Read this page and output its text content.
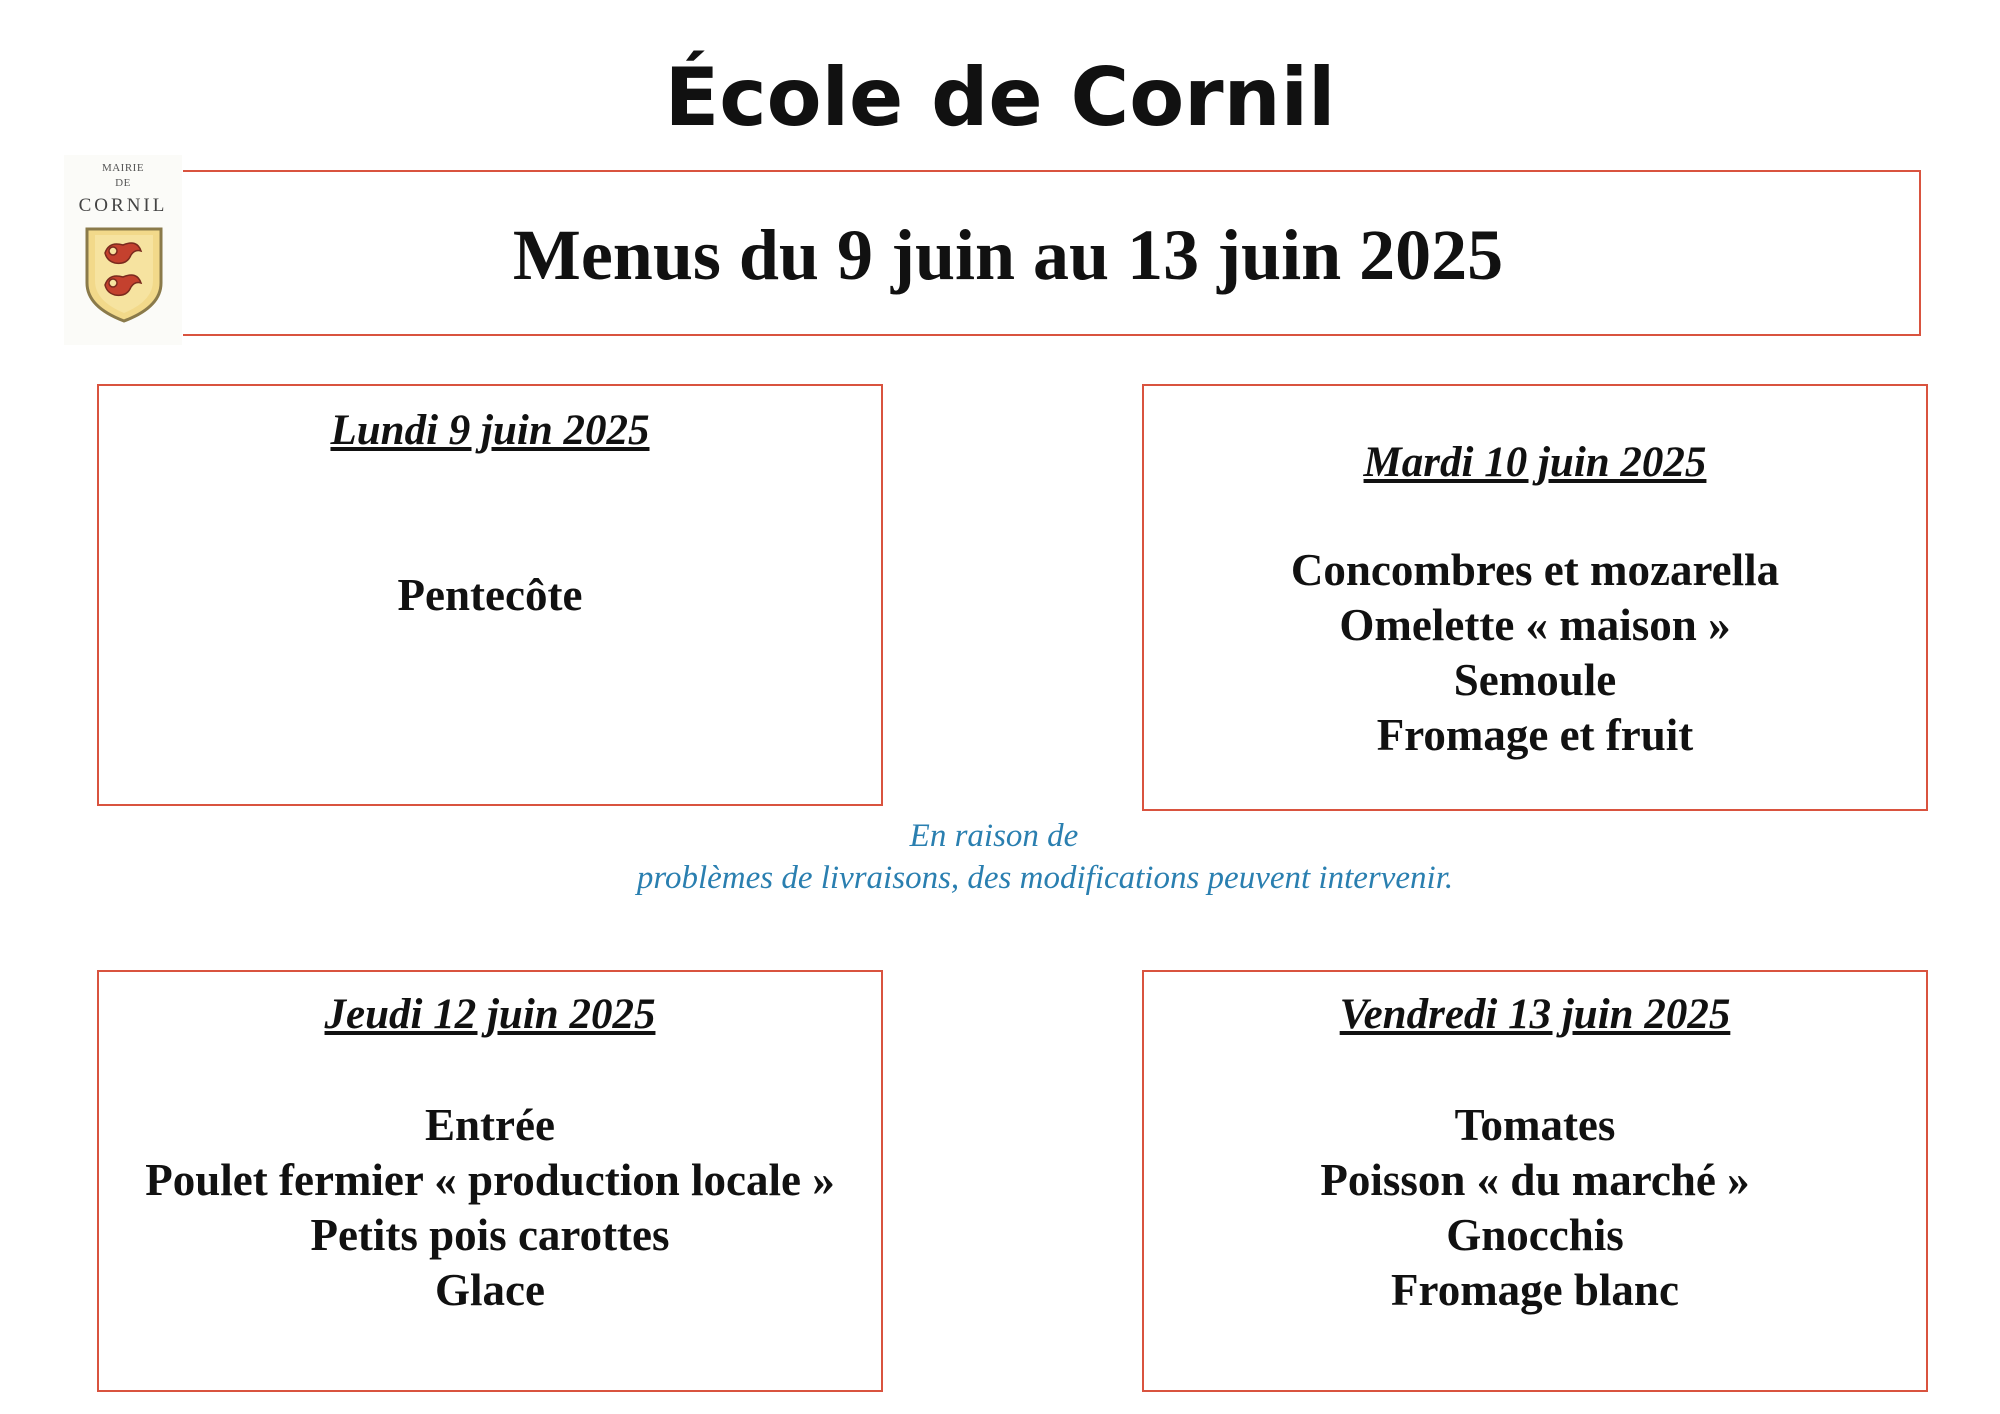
École de Cornil
MAIRIE
DE
CORNIL
Menus du 9 juin au 13 juin 2025
Lundi 9 juin 2025
Pentecôte
Mardi 10 juin 2025
Concombres et mozarella
Omelette « maison »
Semoule
Fromage et fruit
En raison de
problèmes de livraisons, des modifications peuvent intervenir.
Jeudi 12 juin 2025
Entrée
Poulet fermier « production locale »
Petits pois carottes
Glace
Vendredi 13 juin 2025
Tomates
Poisson « du marché »
Gnocchis
Fromage blanc
